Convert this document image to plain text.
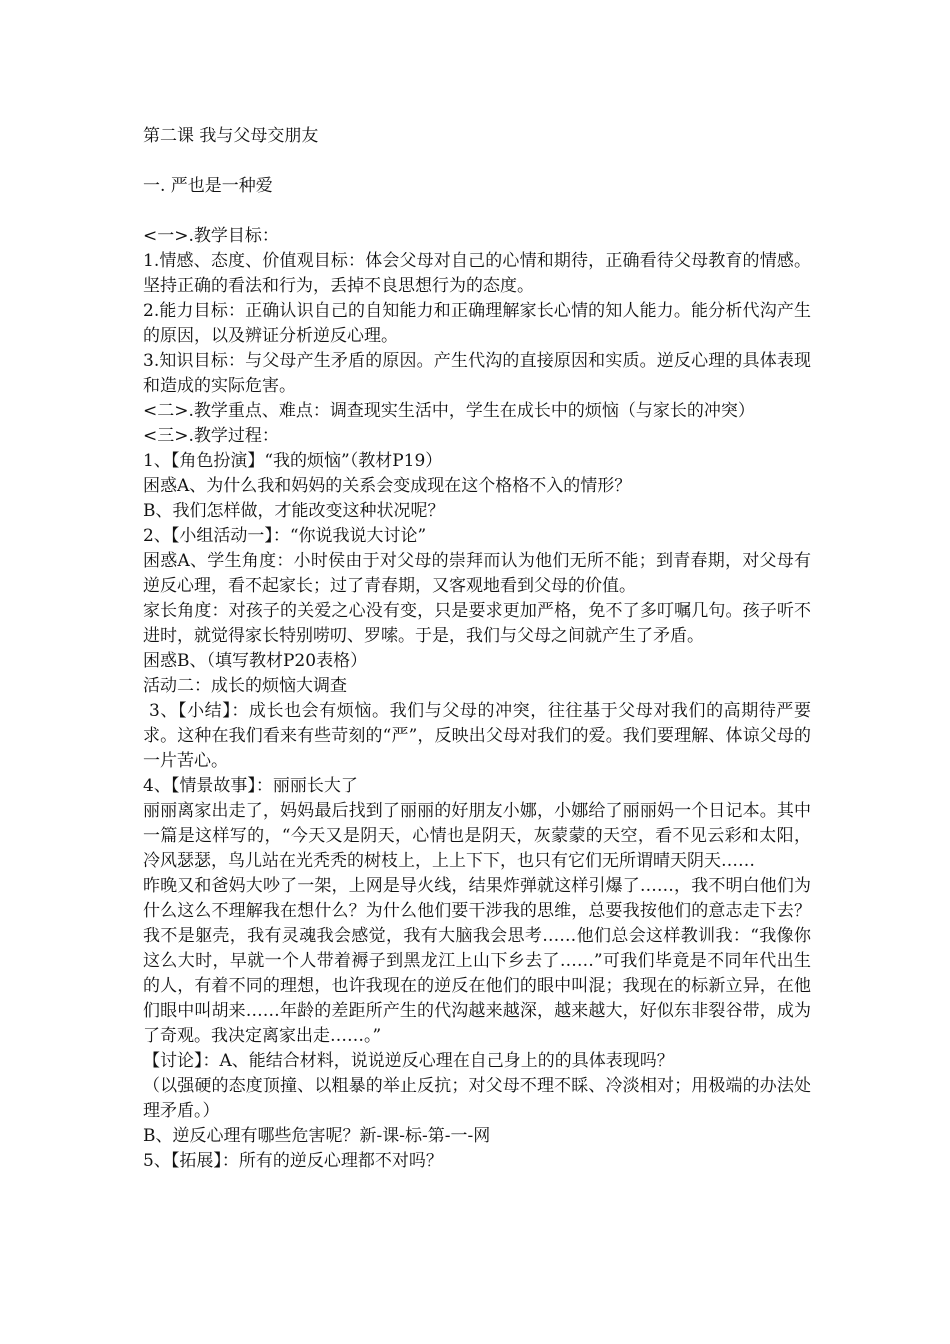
第二课 我与父母交朋友

一. 严也是一种爱

<一>.教学目标：

1.情感、态度、价值观目标：体会父母对自己的心情和期待，正确看待父母教育的情感。坚持正确的看法和行为，丢掉不良思想行为的态度。

2.能力目标：正确认识自己的自知能力和正确理解家长心情的知人能力。能分析代沟产生的原因，以及辨证分析逆反心理。

3.知识目标：与父母产生矛盾的原因。产生代沟的直接原因和实质。逆反心理的具体表现和造成的实际危害。

<二>.教学重点、难点：调查现实生活中，学生在成长中的烦恼（与家长的冲突）

<三>.教学过程：

1、【角色扮演】“我的烦恼”（教材P19）

困惑A、为什么我和妈妈的关系会变成现在这个格格不入的情形？

B、我们怎样做，才能改变这种状况呢？

2、【小组活动一】：“你说我说大讨论”

困惑A、学生角度：小时侯由于对父母的崇拜而认为他们无所不能；到青春期，对父母有逆反心理，看不起家长；过了青春期，又客观地看到父母的价值。

家长角度：对孩子的关爱之心没有变，只是要求更加严格，免不了多叮嘱几句。孩子听不进时，就觉得家长特别唠叨、罗嗦。于是，我们与父母之间就产生了矛盾。

困惑B、（填写教材P20表格）

活动二：成长的烦恼大调查

3、【小结】：成长也会有烦恼。我们与父母的冲突，往往基于父母对我们的高期待严要求。这种在我们看来有些苛刻的“严”，反映出父母对我们的爱。我们要理解、体谅父母的一片苦心。

4、【情景故事】：丽丽长大了

丽丽离家出走了，妈妈最后找到了丽丽的好朋友小娜，小娜给了丽丽妈一个日记本。其中一篇是这样写的，“今天又是阴天，心情也是阴天，灰蒙蒙的天空，看不见云彩和太阳，冷风瑟瑟，鸟儿站在光秃秃的树枝上，上上下下，也只有它们无所谓晴天阴天……

昨晚又和爸妈大吵了一架，上网是导火线，结果炸弹就这样引爆了……，我不明白他们为什么这么不理解我在想什么？为什么他们要干涉我的思维，总要我按他们的意志走下去？我不是躯壳，我有灵魂我会感觉，我有大脑我会思考……他们总会这样教训我：“我像你这么大时，早就一个人带着褥子到黑龙江上山下乡去了……”可我们毕竟是不同年代出生的人，有着不同的理想，也许我现在的逆反在他们的眼中叫混；我现在的标新立异，在他们眼中叫胡来……年龄的差距所产生的代沟越来越深，越来越大，好似东非裂谷带，成为了奇观。我决定离家出走……。”

【讨论】：A、能结合材料，说说逆反心理在自己身上的的具体表现吗？

（以强硬的态度顶撞、以粗暴的举止反抗；对父母不理不睬、冷淡相对；用极端的办法处理矛盾。）

B、逆反心理有哪些危害呢？新-课-标-第-一-网

5、【拓展】：所有的逆反心理都不对吗？
